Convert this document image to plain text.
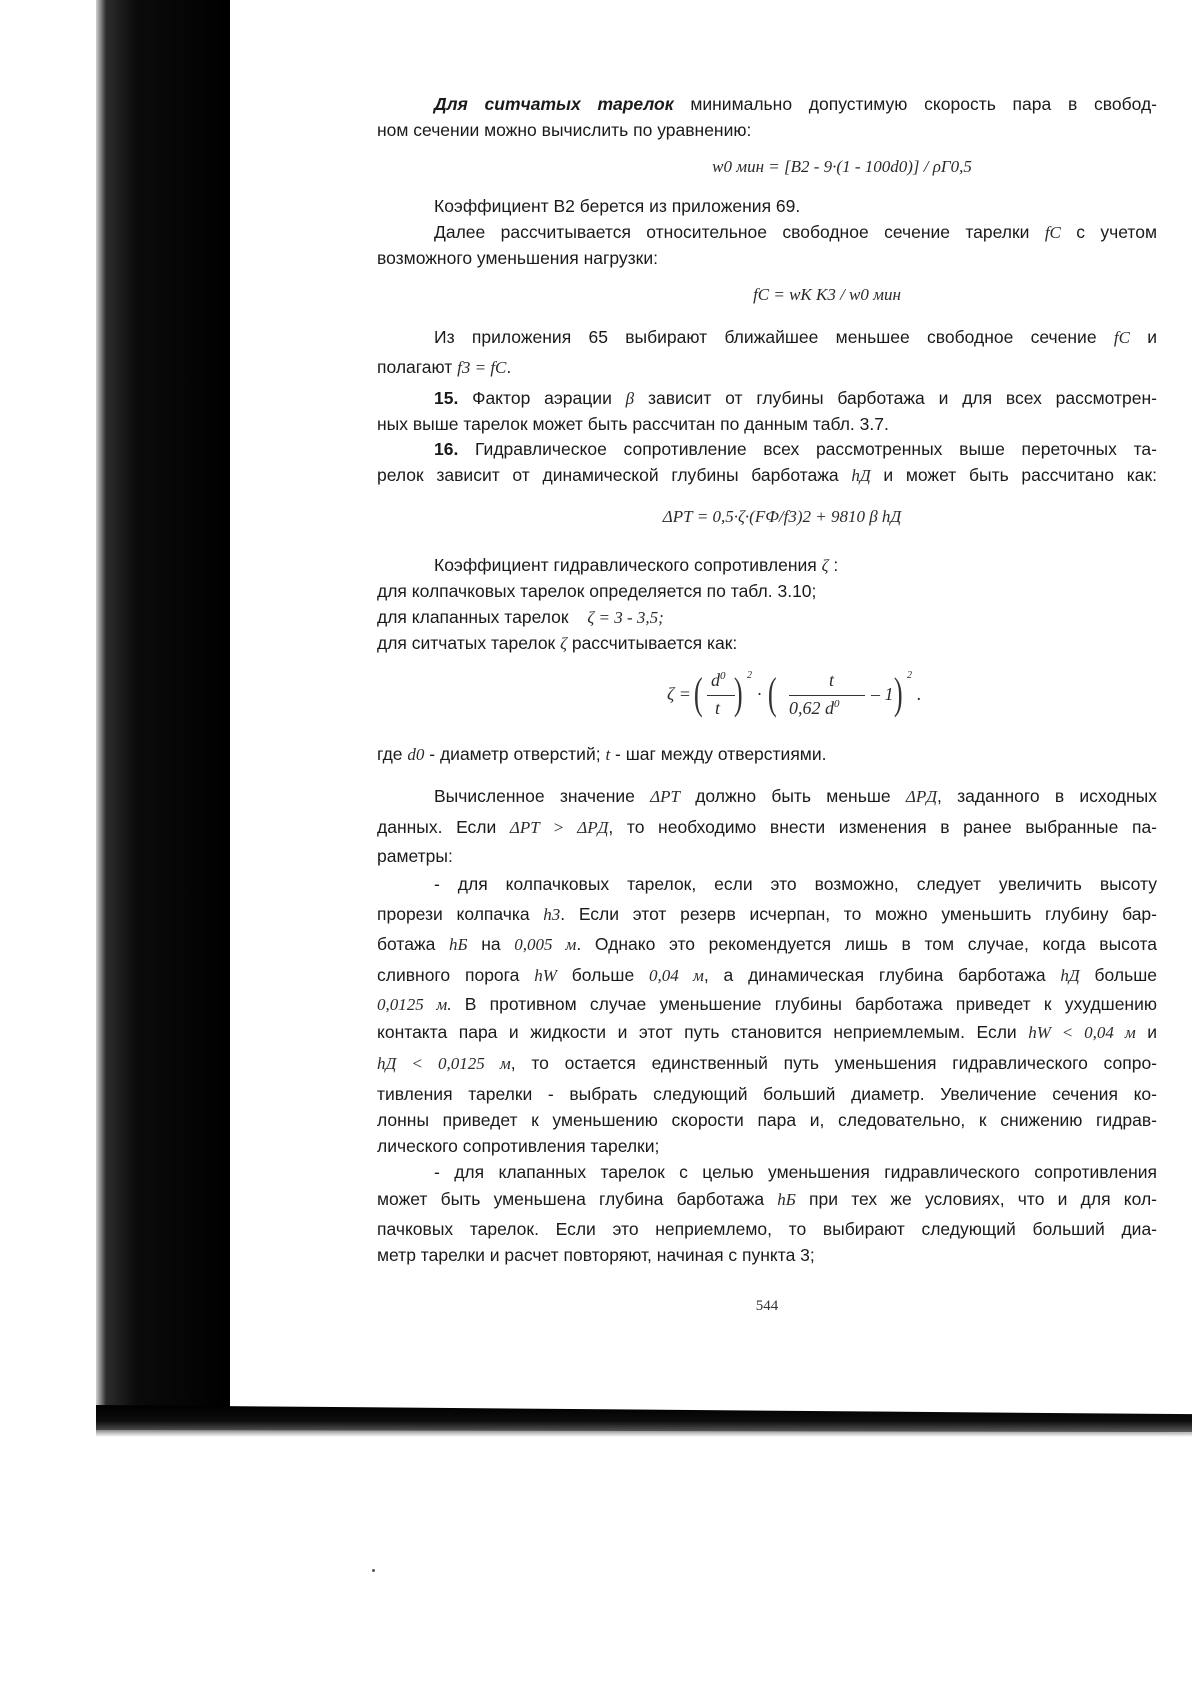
Для ситчатых тарелок минимально допустимую скорость пара в свобод-
ном сечении можно вычислить по уравнению:
w0 мин = [B2 - 9·(1 - 100d0)] / ρГ0,5
Коэффициент B2 берется из приложения 69.
Далее рассчитывается относительное свободное сечение тарелки fС с учетом
возможного уменьшения нагрузки:
fC = wК K3 / w0 мин
Из приложения 65 выбирают ближайшее меньшее свободное сечение fС и
полагают f3 = fС.
15. Фактор аэрации β зависит от глубины барботажа и для всех рассмотрен-
ных выше тарелок может быть рассчитан по данным табл. 3.7.
16. Гидравлическое сопротивление всех рассмотренных выше переточных та-
релок зависит от динамической глубины барботажа hД и может быть рассчитано как:
ΔPТ = 0,5·ζ·(FФ/f3)2 + 9810 β hД
Коэффициент гидравлического сопротивления ζ :
для колпачковых тарелок определяется по табл. 3.10;
для клапанных тарелок ζ = 3 - 3,5;
для ситчатых тарелок ζ рассчитывается как:
ζ = ( d 0
t ) 2
· (	t
0,62 d 0 – 1 ) 2
.
где d0 - диаметр отверстий; t - шаг между отверстиями.
Вычисленное значение ΔPТ должно быть меньше ΔPД, заданного в исходных
данных. Если ΔPТ > ΔPД, то необходимо внести изменения в ранее выбранные па-
раметры:
- для колпачковых тарелок, если это возможно, следует увеличить высоту
прорези колпачка h3. Если этот резерв исчерпан, то можно уменьшить глубину бар-
ботажа hБ на 0,005 м. Однако это рекомендуется лишь в том случае, когда высота
сливного порога hW больше 0,04 м, а динамическая глубина барботажа hД больше
0,0125 м. В противном случае уменьшение глубины барботажа приведет к ухудшению
контакта пара и жидкости и этот путь становится неприемлемым. Если hW < 0,04 м и
hД < 0,0125 м, то остается единственный путь уменьшения гидравлического сопро-
тивления тарелки - выбрать следующий больший диаметр. Увеличение сечения ко-
лонны приведет к уменьшению скорости пара и, следовательно, к снижению гидрав-
лического сопротивления тарелки;
- для клапанных тарелок с целью уменьшения гидравлического сопротивления
может быть уменьшена глубина барботажа hБ при тех же условиях, что и для кол-
пачковых тарелок. Если это неприемлемо, то выбирают следующий больший диа-
метр тарелки и расчет повторяют, начиная с пункта 3;
544
